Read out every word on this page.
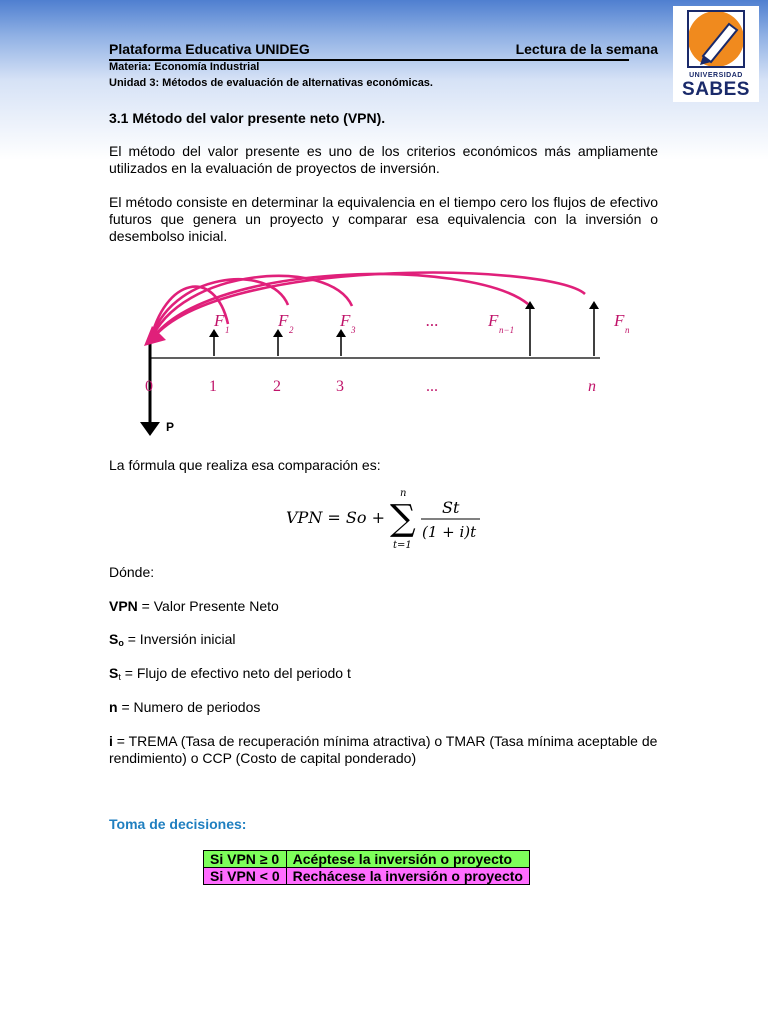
UNIVERSIDAD
SABES
Plataforma Educativa UNIDEG	Lectura de la semana
Materia: Economía Industrial
Unidad 3: Métodos de evaluación de alternativas económicas.
3.1 Método del valor presente neto (VPN).
El método del valor presente es uno de los criterios económicos más ampliamente utilizados en la evaluación de proyectos de inversión.
El método consiste en determinar la equivalencia en el tiempo cero los flujos de efectivo futuros que genera un proyecto y comparar esa equivalencia con la inversión o desembolso inicial.
F 1	F 2	F 3	...	F n−1	F n
0	1	2	3	...	n
P
La fórmula que realiza esa comparación es:
VPN = So +
n
t=1
St
(1 + i)t
∑
Dónde:
VPN = Valor Presente Neto
So = Inversión inicial
St = Flujo de efectivo neto del periodo t
n = Numero de periodos
i = TREMA (Tasa de recuperación mínima atractiva) o TMAR (Tasa mínima aceptable de rendimiento) o CCP (Costo de capital ponderado)
Toma de decisiones:
Si VPN ≥ 0	Acéptese la inversión o proyecto
Si VPN < 0	Rechácese la inversión o proyecto
